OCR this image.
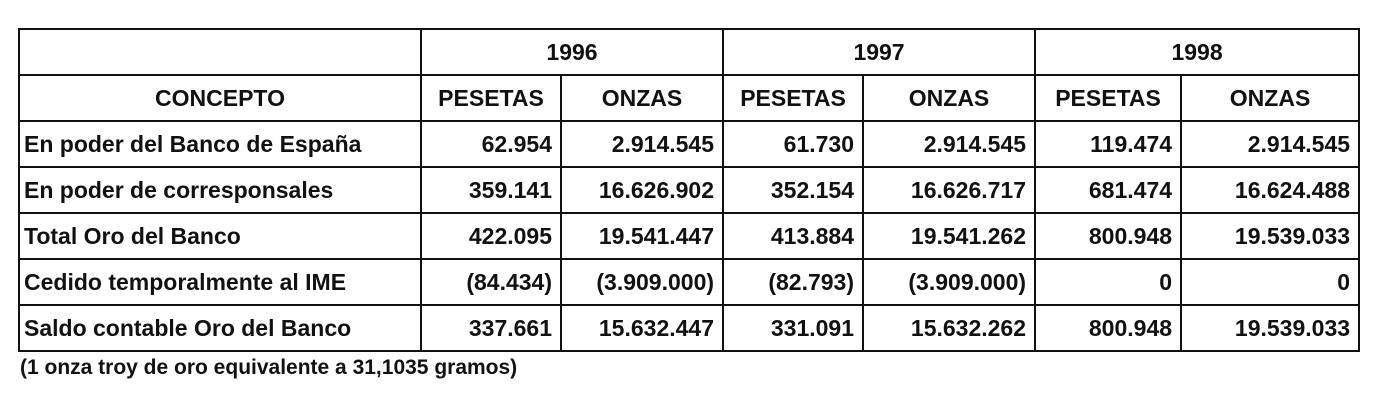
	1996		1997		1998	
CONCEPTO	PESETAS	ONZAS	PESETAS	ONZAS	PESETAS	ONZAS
En poder del Banco de España	62.954	2.914.545	61.730	2.914.545	119.474	2.914.545
En poder de corresponsales	359.141	16.626.902	352.154	16.626.717	681.474	16.624.488
Total Oro del Banco	422.095	19.541.447	413.884	19.541.262	800.948	19.539.033
Cedido temporalmente al IME	(84.434)	(3.909.000)	(82.793)	(3.909.000)	0	0
Saldo contable Oro del Banco	337.661	15.632.447	331.091	15.632.262	800.948	19.539.033
(1 onza troy de oro equivalente a 31,1035 gramos)
